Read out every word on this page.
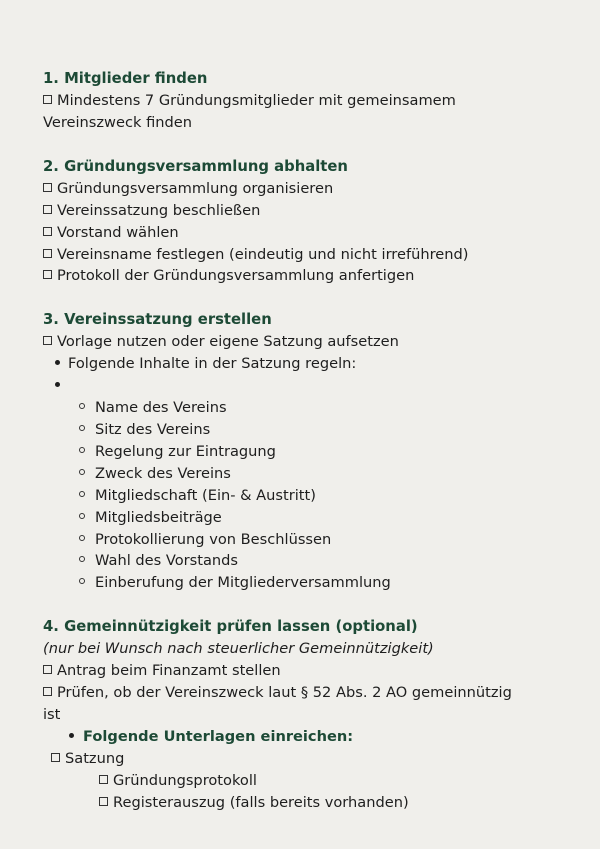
1. Mitglieder finden
Mindestens 7 Gründungsmitglieder mit gemeinsamem
Vereinszweck finden
2. Gründungsversammlung abhalten
Gründungsversammlung organisieren
Vereinssatzung beschließen
Vorstand wählen
Vereinsname festlegen (eindeutig und nicht irreführend)
Protokoll der Gründungsversammlung anfertigen
3. Vereinssatzung erstellen
Vorlage nutzen oder eigene Satzung aufsetzen
Folgende Inhalte in der Satzung regeln:
Name des Vereins
Sitz des Vereins
Regelung zur Eintragung
Zweck des Vereins
Mitgliedschaft (Ein- & Austritt)
Mitgliedsbeiträge
Protokollierung von Beschlüssen
Wahl des Vorstands
Einberufung der Mitgliederversammlung
4. Gemeinnützigkeit prüfen lassen (optional)
(nur bei Wunsch nach steuerlicher Gemeinnützigkeit)
Antrag beim Finanzamt stellen
Prüfen, ob der Vereinszweck laut § 52 Abs. 2 AO gemeinnützig
ist
Folgende Unterlagen einreichen:
Satzung
Gründungsprotokoll
Registerauszug (falls bereits vorhanden)
